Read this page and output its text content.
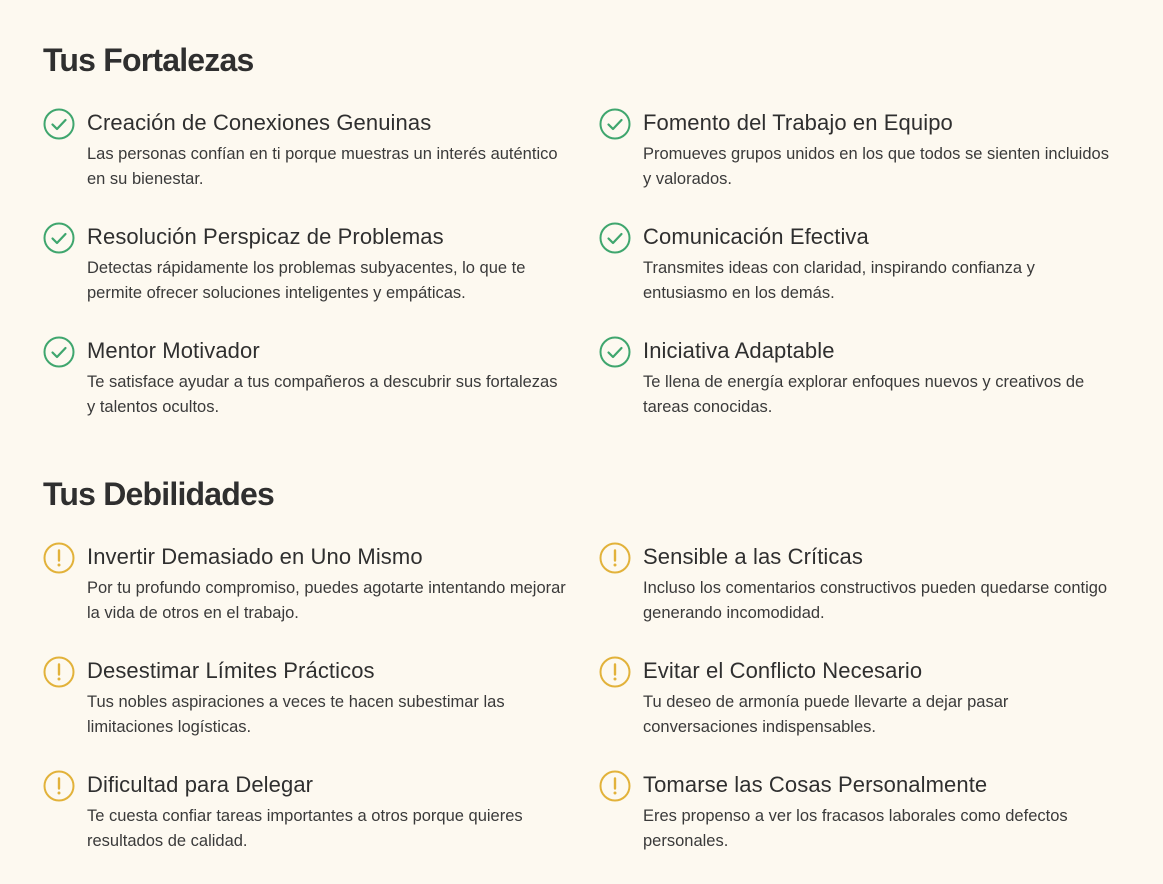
Tus Fortalezas
Creación de Conexiones Genuinas

Las personas confían en ti porque muestras un interés auténtico en su bienestar.

Fomento del Trabajo en Equipo

Promueves grupos unidos en los que todos se sienten incluidos y valorados.

Resolución Perspicaz de Problemas

Detectas rápidamente los problemas subyacentes, lo que te permite ofrecer soluciones inteligentes y empáticas.

Comunicación Efectiva

Transmites ideas con claridad, inspirando confianza y entusiasmo en los demás.

Mentor Motivador

Te satisface ayudar a tus compañeros a descubrir sus fortalezas y talentos ocultos.

Iniciativa Adaptable

Te llena de energía explorar enfoques nuevos y creativos de tareas conocidas.

Tus Debilidades
Invertir Demasiado en Uno Mismo

Por tu profundo compromiso, puedes agotarte intentando mejorar la vida de otros en el trabajo.

Sensible a las Críticas

Incluso los comentarios constructivos pueden quedarse contigo generando incomodidad.

Desestimar Límites Prácticos

Tus nobles aspiraciones a veces te hacen subestimar las limitaciones logísticas.

Evitar el Conflicto Necesario

Tu deseo de armonía puede llevarte a dejar pasar conversaciones indispensables.

Dificultad para Delegar

Te cuesta confiar tareas importantes a otros porque quieres resultados de calidad.

Tomarse las Cosas Personalmente

Eres propenso a ver los fracasos laborales como defectos personales.
